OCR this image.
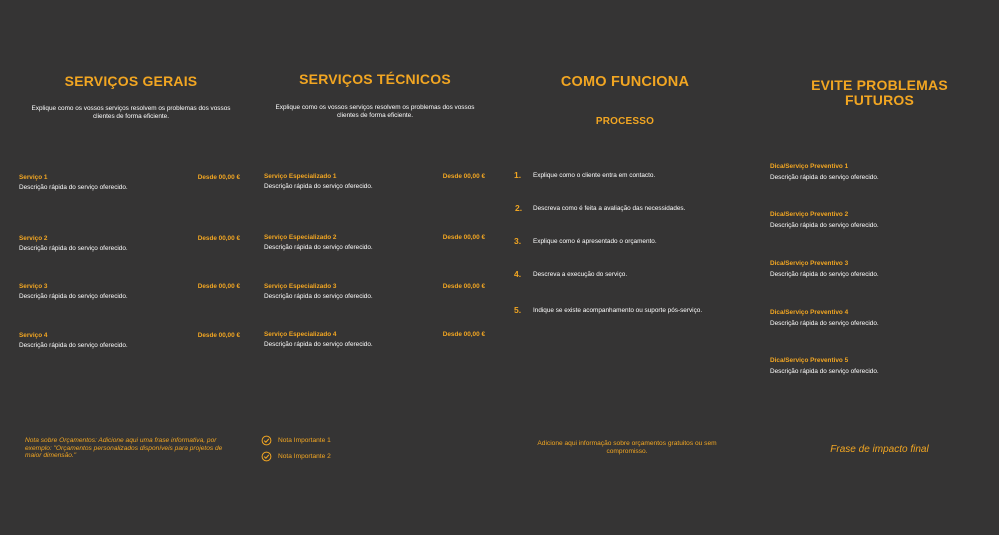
SERVIÇOS GERAIS
Explique como os vossos serviços resolvem os problemas dos vossos clientes de forma eficiente.
Serviço 1	Desde 00,00 €
Descrição rápida do serviço oferecido.
Serviço 2	Desde 00,00 €
Descrição rápida do serviço oferecido.
Serviço 3	Desde 00,00 €
Descrição rápida do serviço oferecido.
Serviço 4	Desde 00,00 €
Descrição rápida do serviço oferecido.
Nota sobre Orçamentos: Adicione aqui uma frase informativa, por exemplo: "Orçamentos personalizados disponíveis para projetos de maior dimensão."
SERVIÇOS TÉCNICOS
Explique como os vossos serviços resolvem os problemas dos vossos clientes de forma eficiente.
Serviço Especializado 1	Desde 00,00 €
Descrição rápida do serviço oferecido.
Serviço Especializado 2	Desde 00,00 €
Descrição rápida do serviço oferecido.
Serviço Especializado 3	Desde 00,00 €
Descrição rápida do serviço oferecido.
Serviço Especializado 4	Desde 00,00 €
Descrição rápida do serviço oferecido.
Nota Importante 1
Nota Importante 2
COMO FUNCIONA
PROCESSO
1. Explique como o cliente entra em contacto.
2. Descreva como é feita a avaliação das necessidades.
3. Explique como é apresentado o orçamento.
4. Descreva a execução do serviço.
5. Indique se existe acompanhamento ou suporte pós-serviço.
Adicione aqui informação sobre orçamentos gratuitos ou sem compromisso.
EVITE PROBLEMAS FUTUROS
Dica/Serviço Preventivo 1
Descrição rápida do serviço oferecido.
Dica/Serviço Preventivo 2
Descrição rápida do serviço oferecido.
Dica/Serviço Preventivo 3
Descrição rápida do serviço oferecido.
Dica/Serviço Preventivo 4
Descrição rápida do serviço oferecido.
Dica/Serviço Preventivo 5
Descrição rápida do serviço oferecido.
Frase de impacto final
